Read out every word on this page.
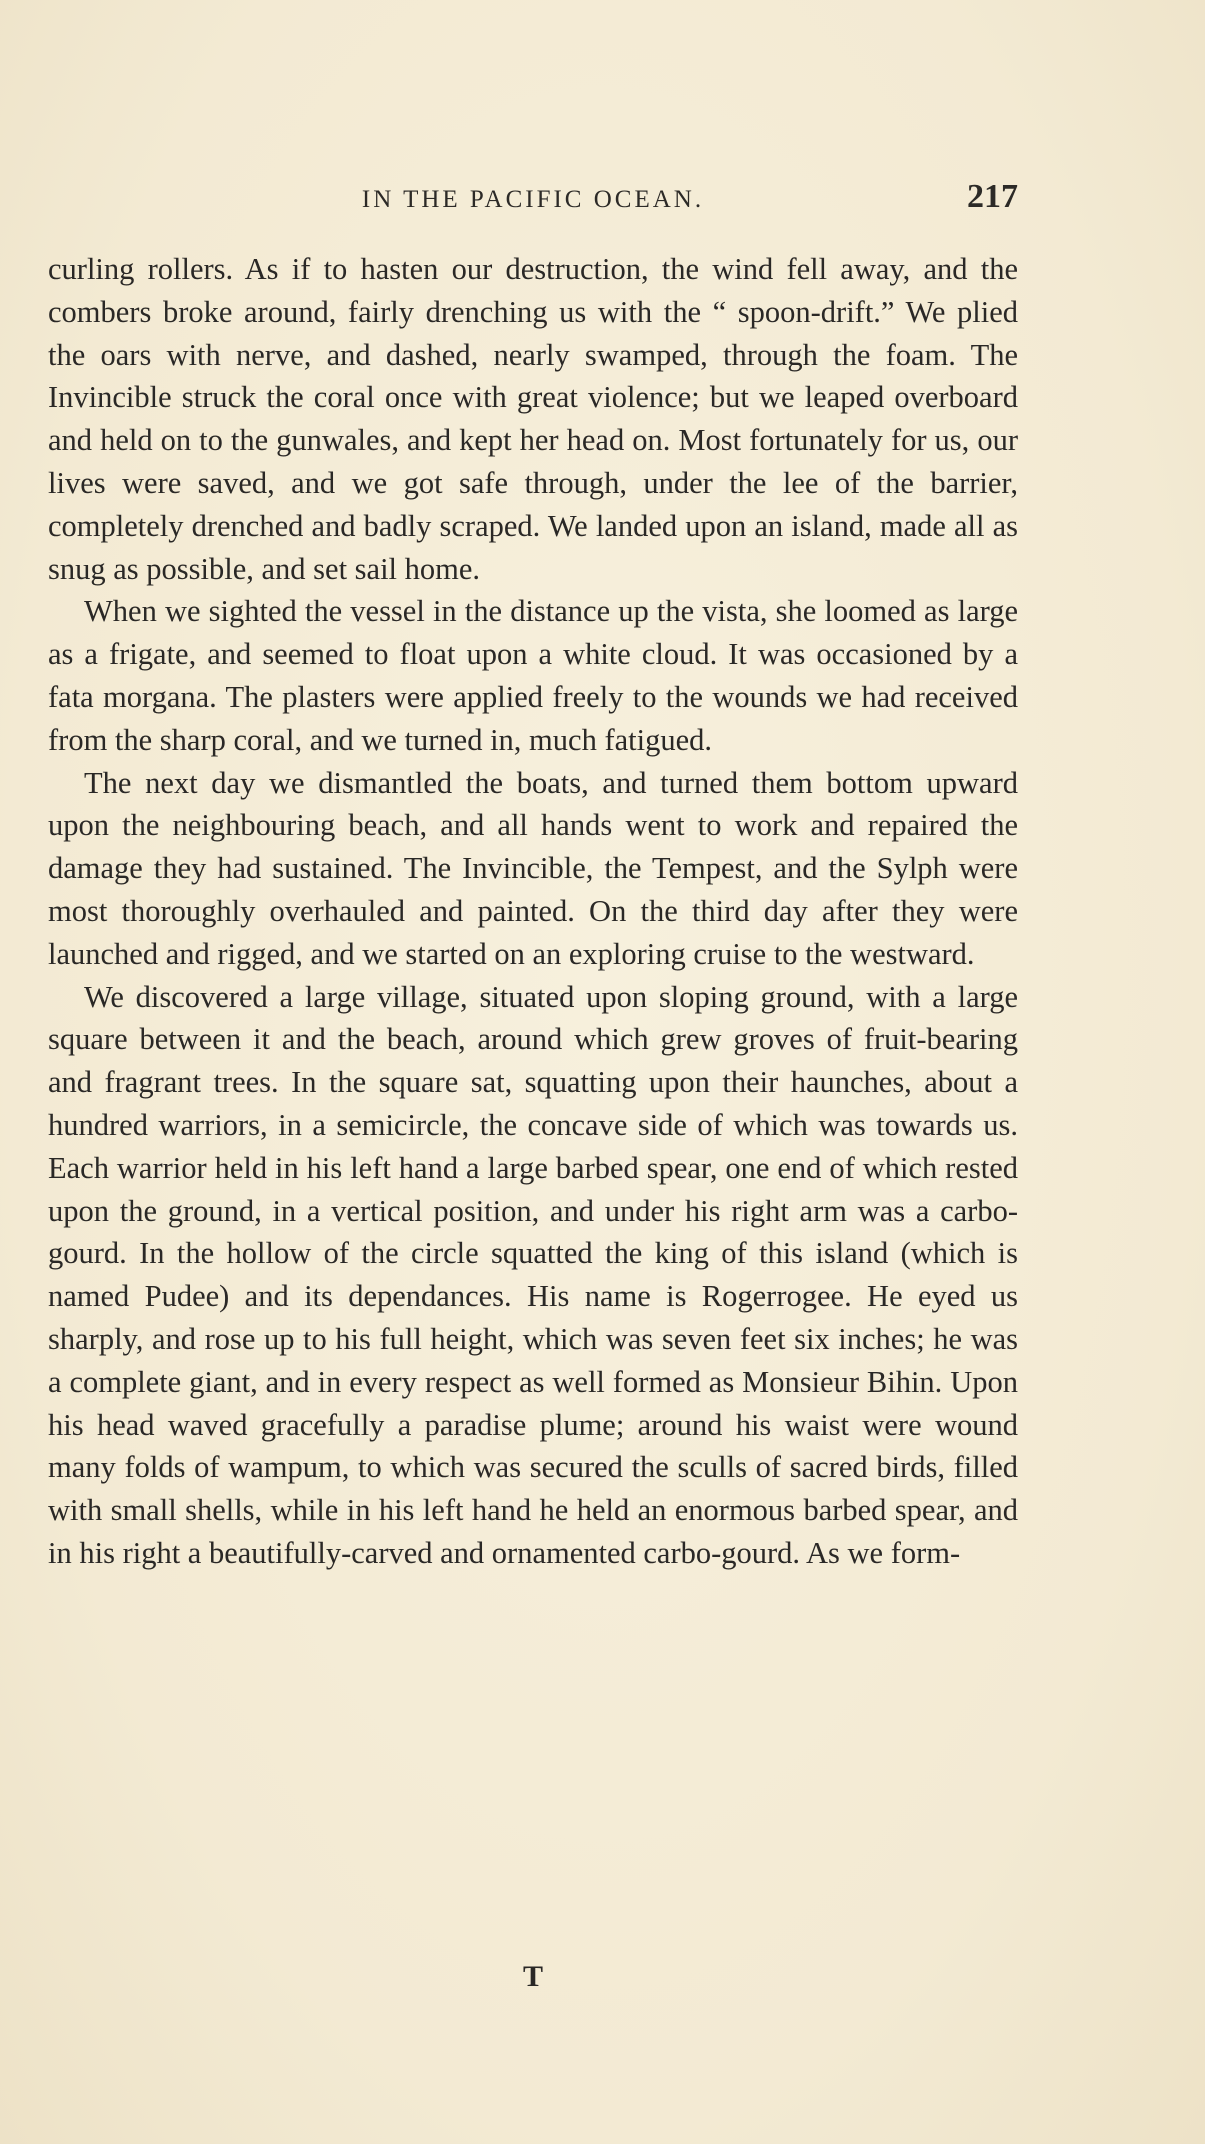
IN THE PACIFIC OCEAN.	217

curling rollers. As if to hasten our destruction, the wind fell away, and the combers broke around, fairly drenching us with the “ spoon-drift.” We plied the oars with nerve, and dashed, nearly swamped, through the foam. The Invincible struck the coral once with great violence; but we leaped overboard and held on to the gunwales, and kept her head on. Most fortunately for us, our lives were saved, and we got safe through, under the lee of the barrier, completely drenched and badly scraped. We landed upon an island, made all as snug as possible, and set sail home.

When we sighted the vessel in the distance up the vista, she loomed as large as a frigate, and seemed to float upon a white cloud. It was occasioned by a fata morgana. The plasters were applied freely to the wounds we had received from the sharp coral, and we turned in, much fatigued.

The next day we dismantled the boats, and turned them bottom upward upon the neighbouring beach, and all hands went to work and repaired the damage they had sustained. The Invincible, the Tempest, and the Sylph were most thoroughly overhauled and painted. On the third day after they were launched and rigged, and we started on an exploring cruise to the westward.

We discovered a large village, situated upon sloping ground, with a large square between it and the beach, around which grew groves of fruit-bearing and fragrant trees. In the square sat, squatting upon their haunches, about a hundred warriors, in a semicircle, the concave side of which was towards us. Each warrior held in his left hand a large barbed spear, one end of which rested upon the ground, in a vertical position, and under his right arm was a carbo-gourd. In the hollow of the circle squatted the king of this island (which is named Pudee) and its dependances. His name is Rogerrogee. He eyed us sharply, and rose up to his full height, which was seven feet six inches; he was a complete giant, and in every respect as well formed as Monsieur Bihin. Upon his head waved gracefully a paradise plume; around his waist were wound many folds of wampum, to which was secured the sculls of sacred birds, filled with small shells, while in his left hand he held an enormous barbed spear, and in his right a beautifully-carved and ornamented carbo-gourd. As we form-

T
